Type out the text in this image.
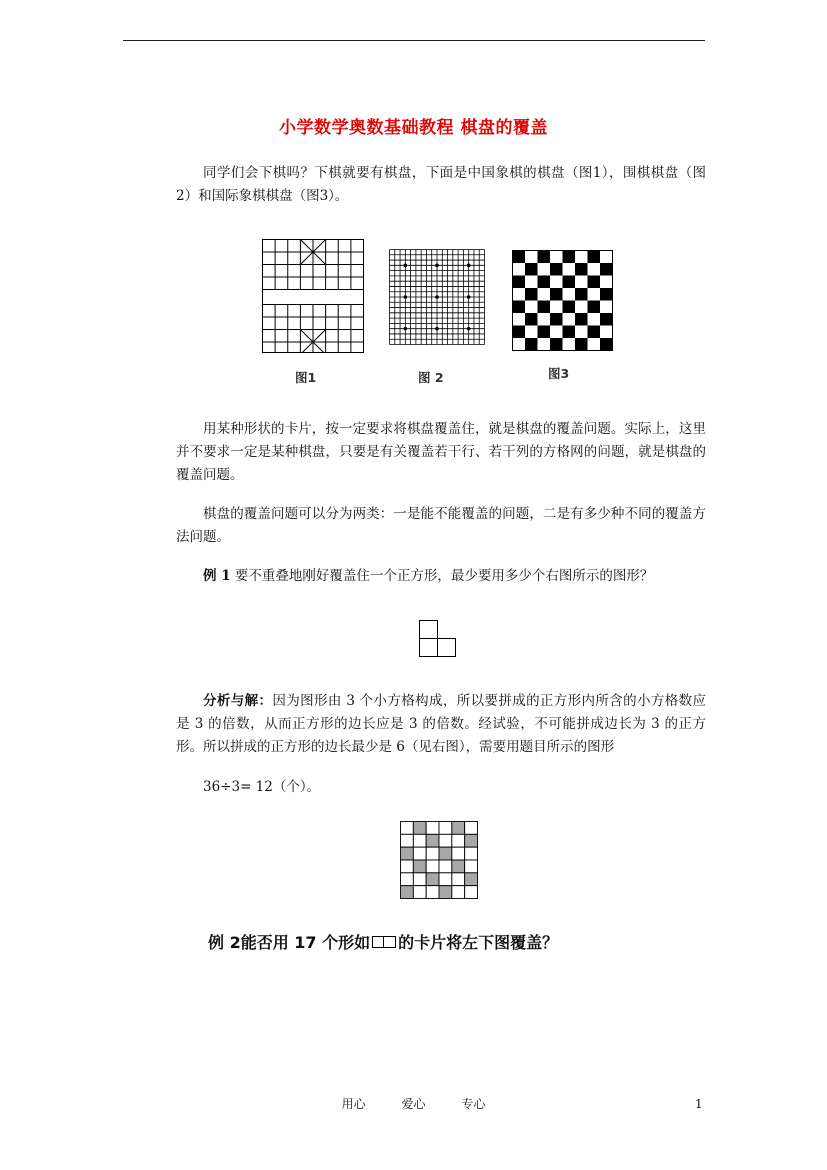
小学数学奥数基础教程 棋盘的覆盖

同学们会下棋吗？下棋就要有棋盘，下面是中国象棋的棋盘（图1），围棋棋盘（图2）和国际象棋棋盘（图3）。

图1	图 2	图3

用某种形状的卡片，按一定要求将棋盘覆盖住，就是棋盘的覆盖问题。实际上，这里并不要求一定是某种棋盘，只要是有关覆盖若干行、若干列的方格网的问题，就是棋盘的覆盖问题。

棋盘的覆盖问题可以分为两类：一是能不能覆盖的问题，二是有多少种不同的覆盖方法问题。

例 1 要不重叠地刚好覆盖住一个正方形，最少要用多少个右图所示的图形？

分析与解：因为图形由 3 个小方格构成，所以要拼成的正方形内所含的小方格数应是 3 的倍数，从而正方形的边长应是 3 的倍数。经试验，不可能拼成边长为 3 的正方形。所以拼成的正方形的边长最少是 6（见右图），需要用题目所示的图形

36÷3= 12（个）。
例 2 能否用 17 个形如 的卡片将左下图覆盖？
用心	爱心	专心	1
